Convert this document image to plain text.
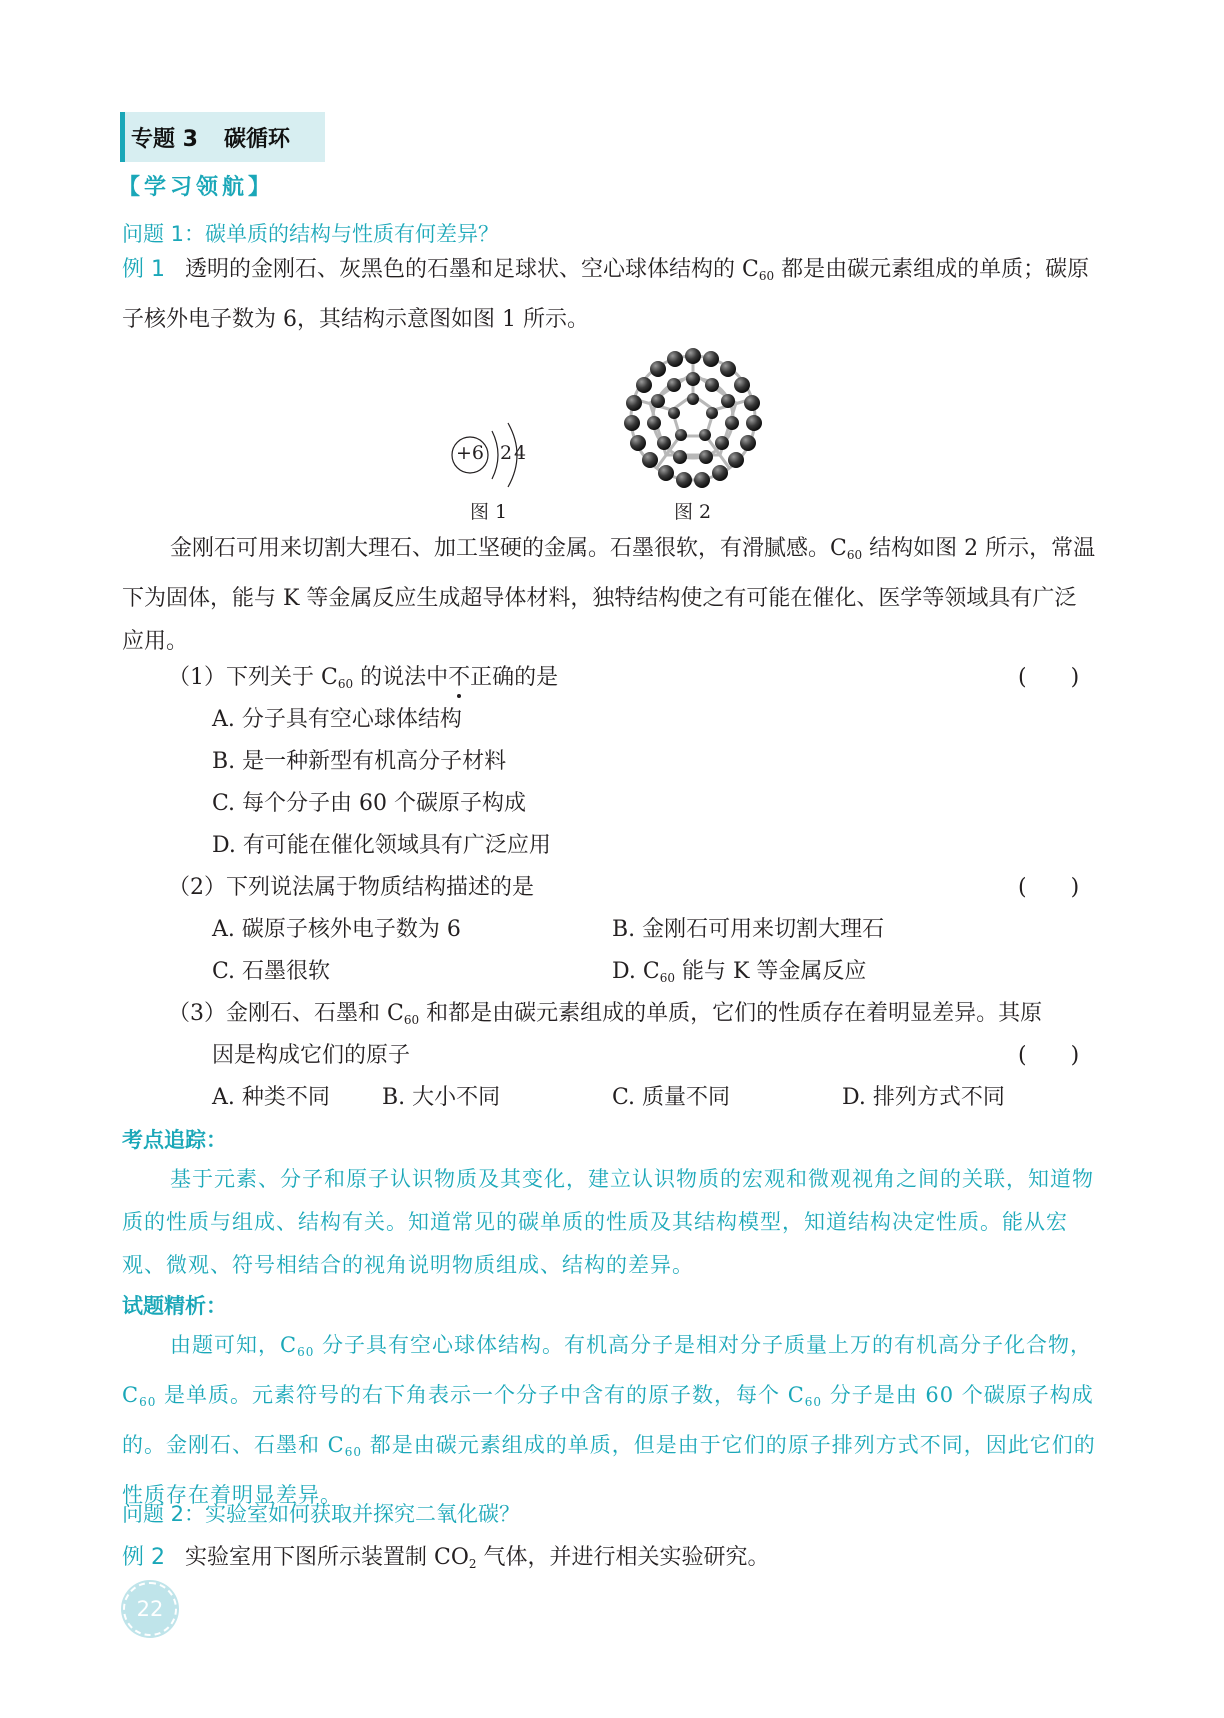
专题 3 碳循环
【学习领航】
问题 1：碳单质的结构与性质有何差异？
例 1 透明的金刚石、灰黑色的石墨和足球状、空心球体结构的 $C_{60}$ 都是由碳元素组成的单质；碳原子核外电子数为 6，其结构示意图如图 1 所示。
+6 2 4
图 1	图 2
金刚石可用来切割大理石、加工坚硬的金属。石墨很软，有滑腻感。$C_{60}$ 结构如图 2 所示，常温下为固体，能与 K 等金属反应生成超导体材料，独特结构使之有可能在催化、医学等领域具有广泛应用。
（1）下列关于 $C_{60}$ 的说法中不正确的是
(　　)
A. 分子具有空心球体结构
B. 是一种新型有机高分子材料
C. 每个分子由 60 个碳原子构成
D. 有可能在催化领域具有广泛应用
（2）下列说法属于物质结构描述的是
(　　)
A. 碳原子核外电子数为 6	B. 金刚石可用来切割大理石
C. 石墨很软	D. $C_{60}$ 能与 K 等金属反应
（3）金刚石、石墨和 $C_{60}$ 和都是由碳元素组成的单质，它们的性质存在着明显差异。其原
因是构成它们的原子
(　　)
A. 种类不同 B. 大小不同	C. 质量不同	D. 排列方式不同
考点追踪：
基于元素、分子和原子认识物质及其变化，建立认识物质的宏观和微观视角之间的关联，知道物质的性质与组成、结构有关。知道常见的碳单质的性质及其结构模型，知道结构决定性质。能从宏观、微观、符号相结合的视角说明物质组成、结构的差异。
试题精析：
由题可知，$C_{60}$ 分子具有空心球体结构。有机高分子是相对分子质量上万的有机高分子化合物，$C_{60}$ 是单质。元素符号的右下角表示一个分子中含有的原子数，每个 $C_{60}$ 分子是由 60 个碳原子构成的。金刚石、石墨和 $C_{60}$ 都是由碳元素组成的单质，但是由于它们的原子排列方式不同，因此它们的性质存在着明显差异。
问题 2：实验室如何获取并探究二氧化碳？
例 2 实验室用下图所示装置制 $CO_2$ 气体，并进行相关实验研究。
22
